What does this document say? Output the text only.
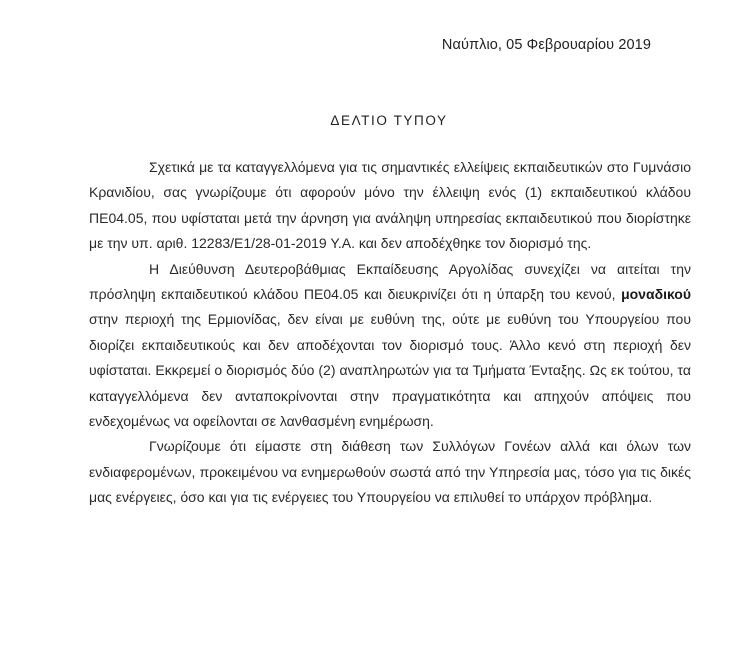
Ναύπλιο, 05 Φεβρουαρίου 2019
ΔΕΛΤΙΟ ΤΥΠΟΥ

Σχετικά με τα καταγγελλόμενα για τις σημαντικές ελλείψεις εκπαιδευτικών στο Γυμνάσιο Κρανιδίου, σας γνωρίζουμε ότι αφορούν μόνο την έλλειψη ενός (1) εκπαιδευτικού κλάδου ΠΕ04.05, που υφίσταται μετά την άρνηση για ανάληψη υπηρεσίας εκπαιδευτικού που διορίστηκε με την υπ. αριθ. 12283/Ε1/28-01-2019 Υ.Α. και δεν αποδέχθηκε τον διορισμό της.

Η Διεύθυνση Δευτεροβάθμιας Εκπαίδευσης Αργολίδας συνεχίζει να αιτείται την πρόσληψη εκπαιδευτικού κλάδου ΠΕ04.05 και διευκρινίζει ότι η ύπαρξη του κενού, μοναδικού στην περιοχή της Ερμιονίδας, δεν είναι με ευθύνη της, ούτε με ευθύνη του Υπουργείου που διορίζει εκπαιδευτικούς και δεν αποδέχονται τον διορισμό τους. Άλλο κενό στη περιοχή δεν υφίσταται. Εκκρεμεί ο διορισμός δύο (2) αναπληρωτών για τα Τμήματα Ένταξης. Ως εκ τούτου, τα καταγγελλόμενα δεν ανταποκρίνονται στην πραγματικότητα και απηχούν απόψεις που ενδεχομένως να οφείλονται σε λανθασμένη ενημέρωση.

Γνωρίζουμε ότι είμαστε στη διάθεση των Συλλόγων Γονέων αλλά και όλων των ενδιαφερομένων, προκειμένου να ενημερωθούν σωστά από την Υπηρεσία μας, τόσο για τις δικές μας ενέργειες, όσο και για τις ενέργειες του Υπουργείου να επιλυθεί το υπάρχον πρόβλημα.
